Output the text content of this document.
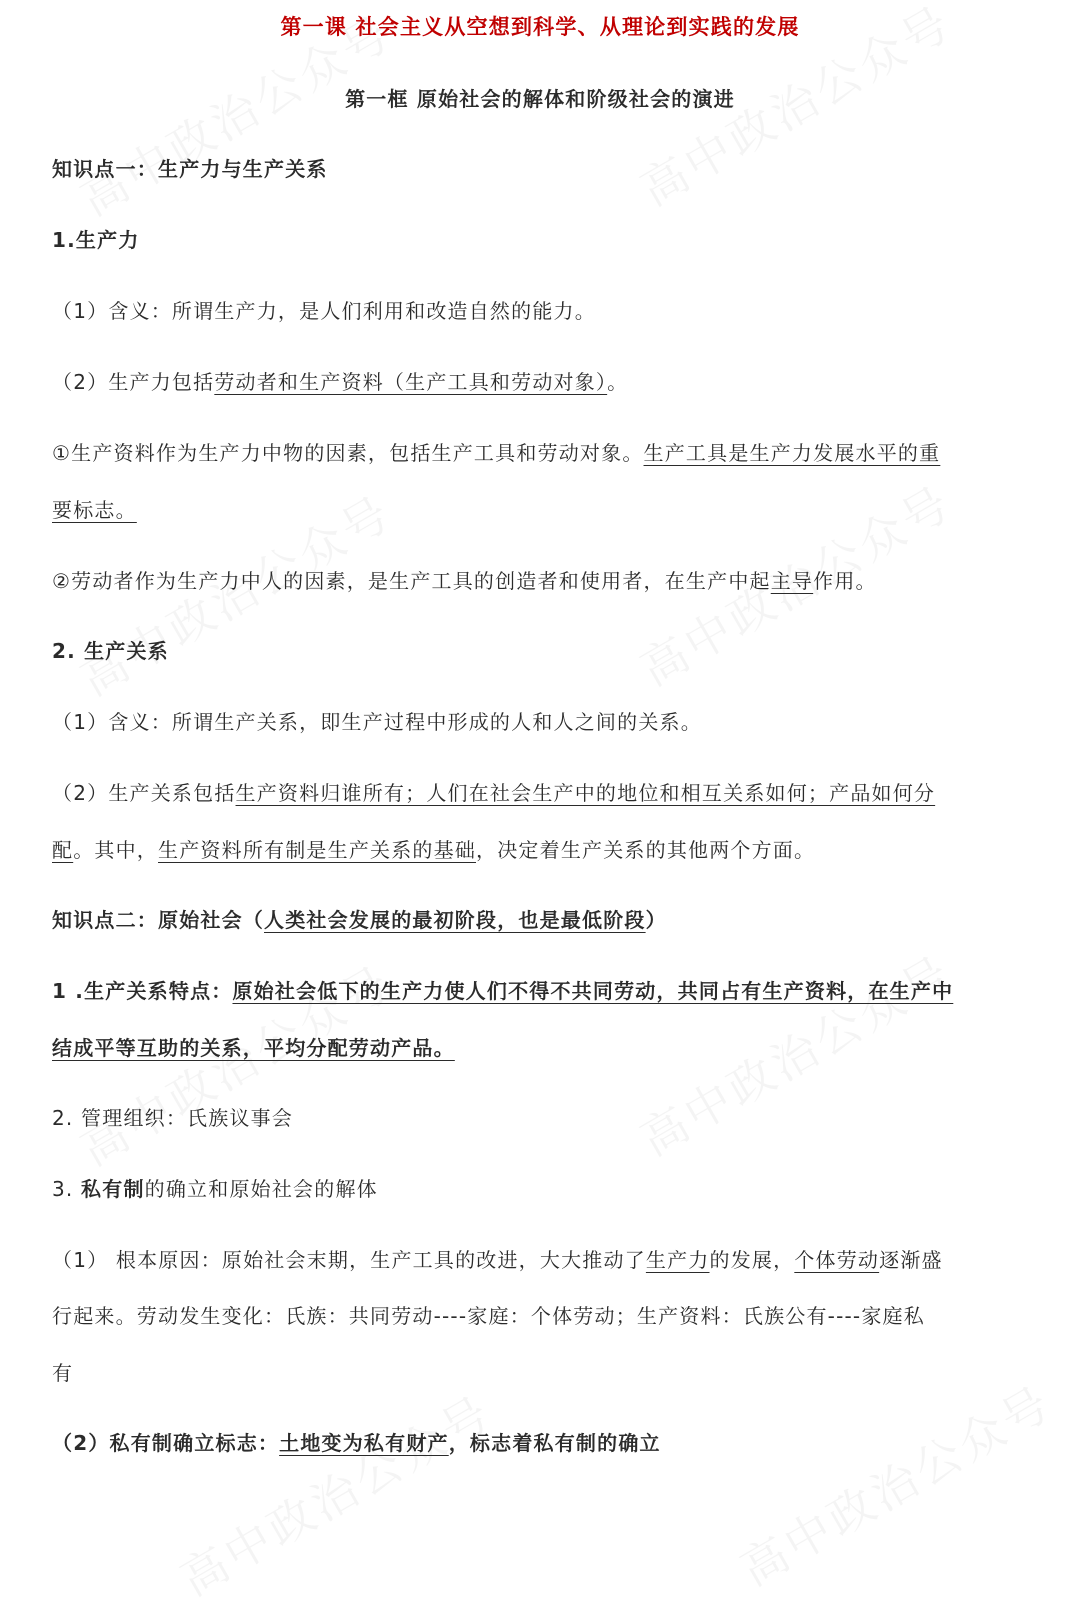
第一课 社会主义从空想到科学、从理论到实践的发展
第一框 原始社会的解体和阶级社会的演进
知识点一：生产力与生产关系
1.生产力
（1）含义：所谓生产力，是人们利用和改造自然的能力。
（2）生产力包括劳动者和生产资料（生产工具和劳动对象）。
①生产资料作为生产力中物的因素，包括生产工具和劳动对象。生产工具是生产力发展水平的重
要标志。
②劳动者作为生产力中人的因素，是生产工具的创造者和使用者，在生产中起主导作用。
2. 生产关系
（1）含义：所谓生产关系，即生产过程中形成的人和人之间的关系。
（2）生产关系包括生产资料归谁所有；人们在社会生产中的地位和相互关系如何；产品如何分
配。其中，生产资料所有制是生产关系的基础，决定着生产关系的其他两个方面。
知识点二：原始社会（人类社会发展的最初阶段，也是最低阶段）
1 .生产关系特点：原始社会低下的生产力使人们不得不共同劳动，共同占有生产资料，在生产中
结成平等互助的关系，平均分配劳动产品。
2. 管理组织：氏族议事会
3. 私有制的确立和原始社会的解体
（1） 根本原因：原始社会末期，生产工具的改进，大大推动了生产力的发展，个体劳动逐渐盛
行起来。劳动发生变化：氏族：共同劳动----家庭：个体劳动；生产资料：氏族公有----家庭私
有
（2）私有制确立标志：土地变为私有财产，标志着私有制的确立
